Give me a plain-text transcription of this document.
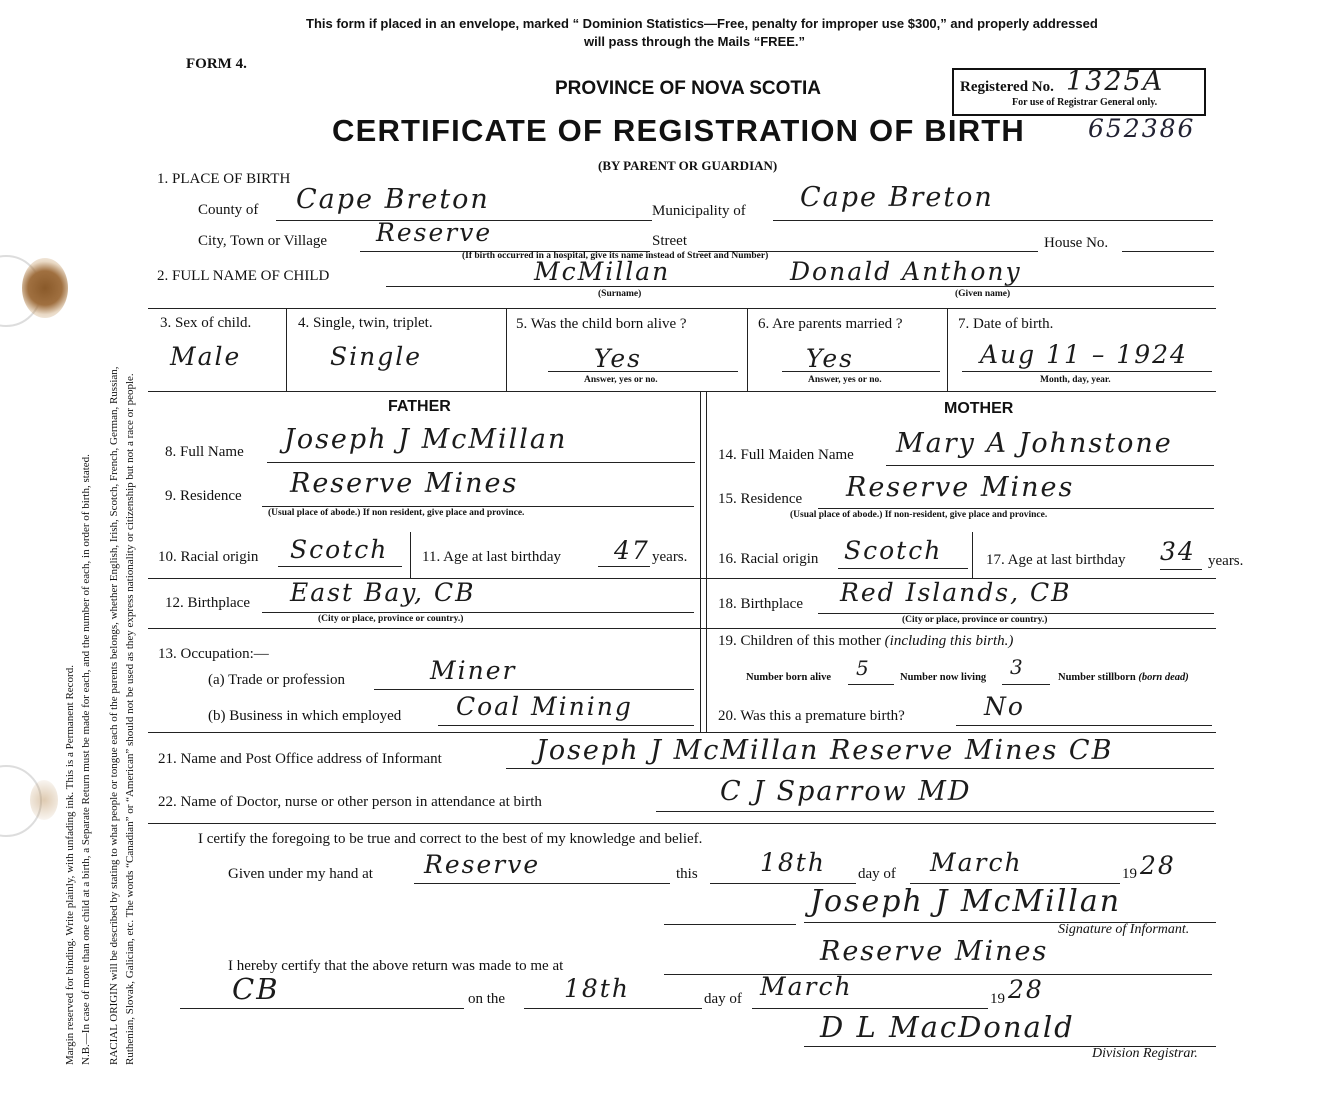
Margin reserved for binding. Write plainly, with unfading ink. This is a Permanent Record. N.B.—In case of more than one child at a birth, a Separate Return must be made for each, and the number of each, in order of birth, stated. RACIAL ORIGIN will be described by stating to what people or tongue each of the parents belongs, whether English, Irish, Scotch, French, German, Russian, Ruthenian, Slovak, Galician, etc. The words “Canadian” or “American” should not be used as they express nationality or citizenship but not a race or people.
This form if placed in an envelope, marked “ Dominion Statistics—Free, penalty for improper use $300,” and properly addressed
will pass through the Mails “FREE.”
FORM 4.
PROVINCE OF NOVA SCOTIA
CERTIFICATE OF REGISTRATION OF BIRTH
(BY PARENT OR GUARDIAN)
Registered No. 1325A
For use of Registrar General only.
652386
1. PLACE OF BIRTH
County of Cape Breton	Municipality of Cape Breton
City, Town or Village Reserve	Street	House No.
(If birth occurred in a hospital, give its name instead of Street and Number)
2. FULL NAME OF CHILD	McMillan	Donald Anthony
(Surname)	(Given name)
3. Sex of child.
Male
4. Single, twin, triplet.
Single
5. Was the child born alive ?
Yes
Answer, yes or no.
6. Are parents married ?
Yes
Answer, yes or no.
7. Date of birth.
Aug 11 – 1924
Month, day, year.
FATHER	MOTHER
8. Full Name Joseph J McMillan
9. Residence Reserve Mines
(Usual place of abode.) If non resident, give place and province.
10. Racial origin Scotch 11. Age at last birthday 47 years.
12. Birthplace East Bay, CB
(City or place, province or country.)
13. Occupation:—
(a) Trade or profession	Miner
(b) Business in which employed Coal Mining
14. Full Maiden Name Mary A Johnstone
15. Residence Reserve Mines
(Usual place of abode.) If non-resident, give place and province.
16. Racial origin Scotch	17. Age at last birthday 34 years.
18. Birthplace Red Islands, CB
(City or place, province or country.)
19. Children of this mother (including this birth.)
Number born alive 5	Number now living 3	Number stillborn (born dead)
20. Was this a premature birth?	No
21. Name and Post Office address of Informant	Joseph J McMillan Reserve Mines CB
22. Name of Doctor, nurse or other person in attendance at birth	C J Sparrow MD
I certify the foregoing to be true and correct to the best of my knowledge and belief.
Given under my hand at Reserve	this 18th day of March	19 28
Joseph J McMillan
Signature of Informant.
I hereby certify that the above return was made to me at	Reserve Mines
CB	on the 18th	day of March	19 28
D L MacDonald
Division Registrar.
